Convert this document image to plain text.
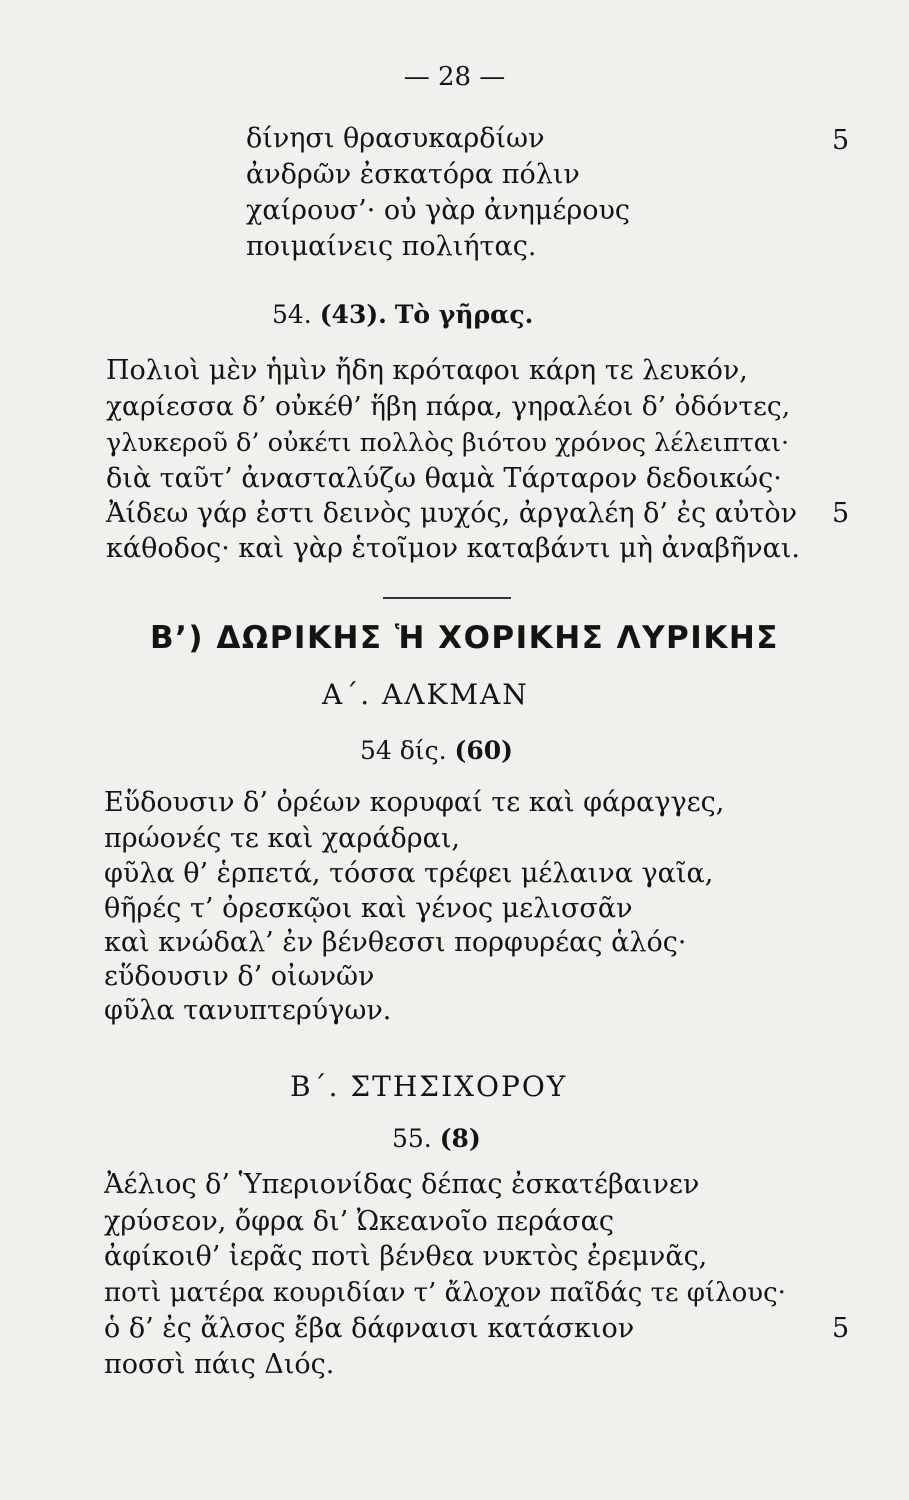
— 28 —
δίνησι θρασυκαρδίων
ἀνδρῶν ἐσκατόρα πόλιν
χαίρουσ’· οὐ γὰρ ἀνημέρους
ποιμαίνεις πολιήτας.
5
54. (43). Τὸ γῆρας.
Πολιοὶ μὲν ἡμὶν ἤδη κρόταφοι κάρη τε λευκόν,
χαρίεσσα δ’ οὐκέθ’ ἥβη πάρα, γηραλέοι δ’ ὀδόντες,
γλυκεροῦ δ’ οὐκέτι πολλὸς βιότου χρόνος λέλειπται·
διὰ ταῦτ’ ἀνασταλύζω θαμὰ Τάρταρον δεδοικώς·
Ἀίδεω γάρ ἐστι δεινὸς μυχός, ἀργαλέη δ’ ἐς αὐτὸν
κάθοδος· καὶ γὰρ ἑτοῖμον καταβάντι μὴ ἀναβῆναι.
5
Β’) ΔΩΡΙΚΗΣ Ἡ ΧΟΡΙΚΗΣ ΛΥΡΙΚΗΣ
Α΄. ΑΛΚΜΑΝ
54 δίς. (60)
Εὕδουσιν δ’ ὀρέων κορυφαί τε καὶ φάραγγες,
πρώονές τε καὶ χαράδραι,
φῦλα θ’ ἑρπετά, τόσσα τρέφει μέλαινα γαῖα,
θῆρές τ’ ὀρεσκῷοι καὶ γένος μελισσᾶν
καὶ κνώδαλ’ ἐν βένθεσσι πορφυρέας ἁλός·
εὕδουσιν δ’ οἰωνῶν
φῦλα τανυπτερύγων.
Β΄. ΣΤΗΣΙΧΟΡΟΥ
55. (8)
Ἀέλιος δ’ Ὑπεριονίδας δέπας ἐσκατέβαινεν
χρύσεον, ὄφρα δι’ Ὠκεανοῖο περάσας
ἀφίκοιθ’ ἱερᾶς ποτὶ βένθεα νυκτὸς ἐρεμνᾶς,
ποτὶ ματέρα κουριδίαν τ’ ἄλοχον παῖδάς τε φίλους·
ὁ δ’ ἐς ἄλσος ἔβα δάφναισι κατάσκιον
ποσσὶ πάις Διός.
5
